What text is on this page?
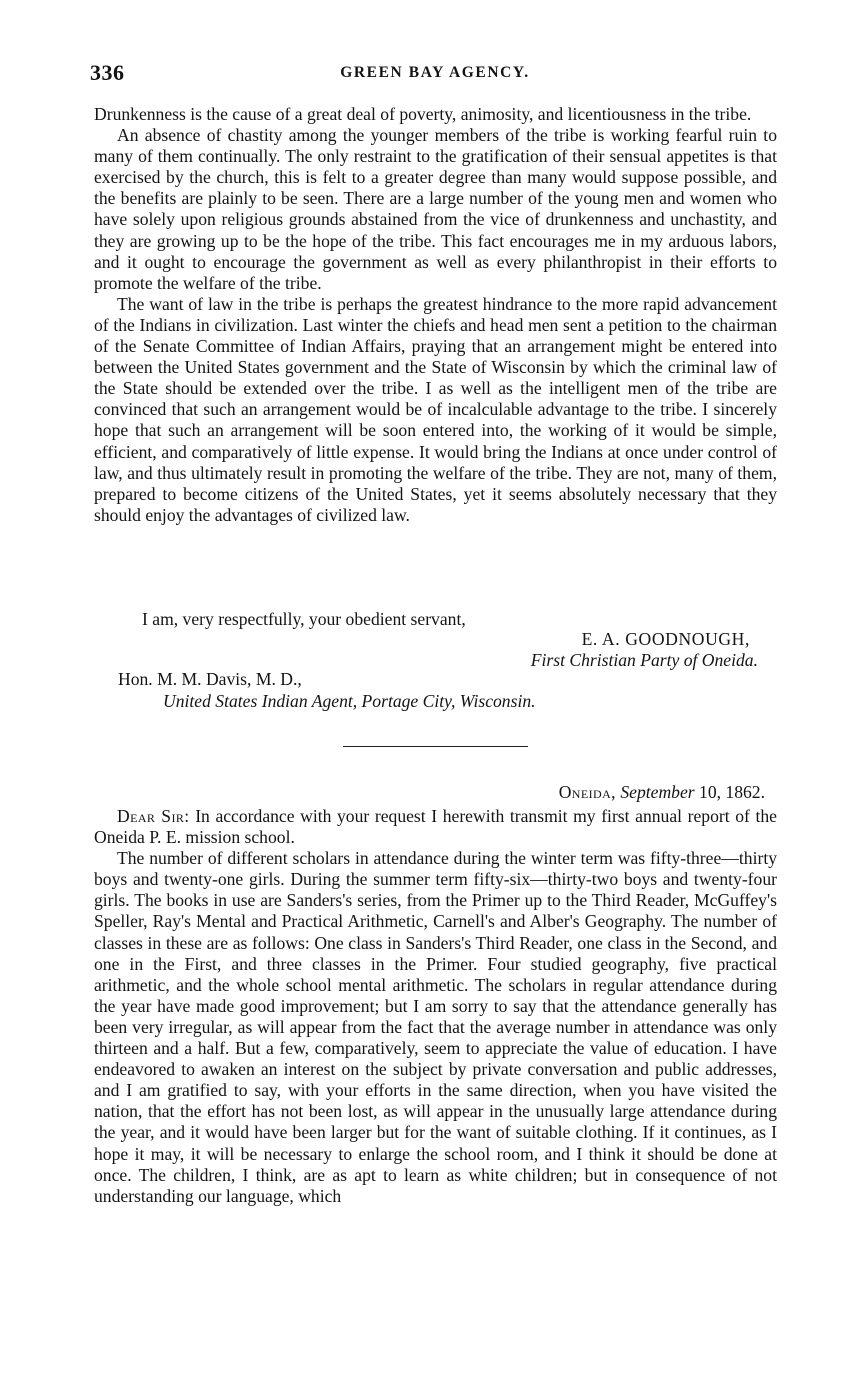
336	GREEN BAY AGENCY.

Drunkenness is the cause of a great deal of poverty, animosity, and licentiousness in the tribe.

An absence of chastity among the younger members of the tribe is working fearful ruin to many of them continually. The only restraint to the gratification of their sensual appetites is that exercised by the church, this is felt to a greater degree than many would suppose possible, and the benefits are plainly to be seen. There are a large number of the young men and women who have solely upon religious grounds abstained from the vice of drunkenness and unchastity, and they are growing up to be the hope of the tribe. This fact encourages me in my arduous labors, and it ought to encourage the government as well as every philanthropist in their efforts to promote the welfare of the tribe.

The want of law in the tribe is perhaps the greatest hindrance to the more rapid advancement of the Indians in civilization. Last winter the chiefs and head men sent a petition to the chairman of the Senate Committee of Indian Affairs, praying that an arrangement might be entered into between the United States government and the State of Wisconsin by which the criminal law of the State should be extended over the tribe. I as well as the intelligent men of the tribe are convinced that such an arrangement would be of incalculable advantage to the tribe. I sincerely hope that such an arrangement will be soon entered into, the working of it would be simple, efficient, and comparatively of little expense. It would bring the Indians at once under control of law, and thus ultimately result in promoting the welfare of the tribe. They are not, many of them, prepared to become citizens of the United States, yet it seems absolutely necessary that they should enjoy the advantages of civilized law.

I am, very respectfully, your obedient servant,
E. A. GOODNOUGH,
First Christian Party of Oneida.
Hon. M. M. Davis, M. D.,
United States Indian Agent, Portage City, Wisconsin.
Oneida, September 10, 1862.

Dear Sir: In accordance with your request I herewith transmit my first annual report of the Oneida P. E. mission school.

The number of different scholars in attendance during the winter term was fifty-three—thirty boys and twenty-one girls. During the summer term fifty-six—thirty-two boys and twenty-four girls. The books in use are Sanders's series, from the Primer up to the Third Reader, McGuffey's Speller, Ray's Mental and Practical Arithmetic, Carnell's and Alber's Geography. The number of classes in these are as follows: One class in Sanders's Third Reader, one class in the Second, and one in the First, and three classes in the Primer. Four studied geography, five practical arithmetic, and the whole school mental arithmetic. The scholars in regular attendance during the year have made good improvement; but I am sorry to say that the attendance generally has been very irregular, as will appear from the fact that the average number in attendance was only thirteen and a half. But a few, comparatively, seem to appreciate the value of education. I have endeavored to awaken an interest on the subject by private conversation and public addresses, and I am gratified to say, with your efforts in the same direction, when you have visited the nation, that the effort has not been lost, as will appear in the unusually large attendance during the year, and it would have been larger but for the want of suitable clothing. If it continues, as I hope it may, it will be necessary to enlarge the school room, and I think it should be done at once. The children, I think, are as apt to learn as white children; but in consequence of not understanding our language, which
